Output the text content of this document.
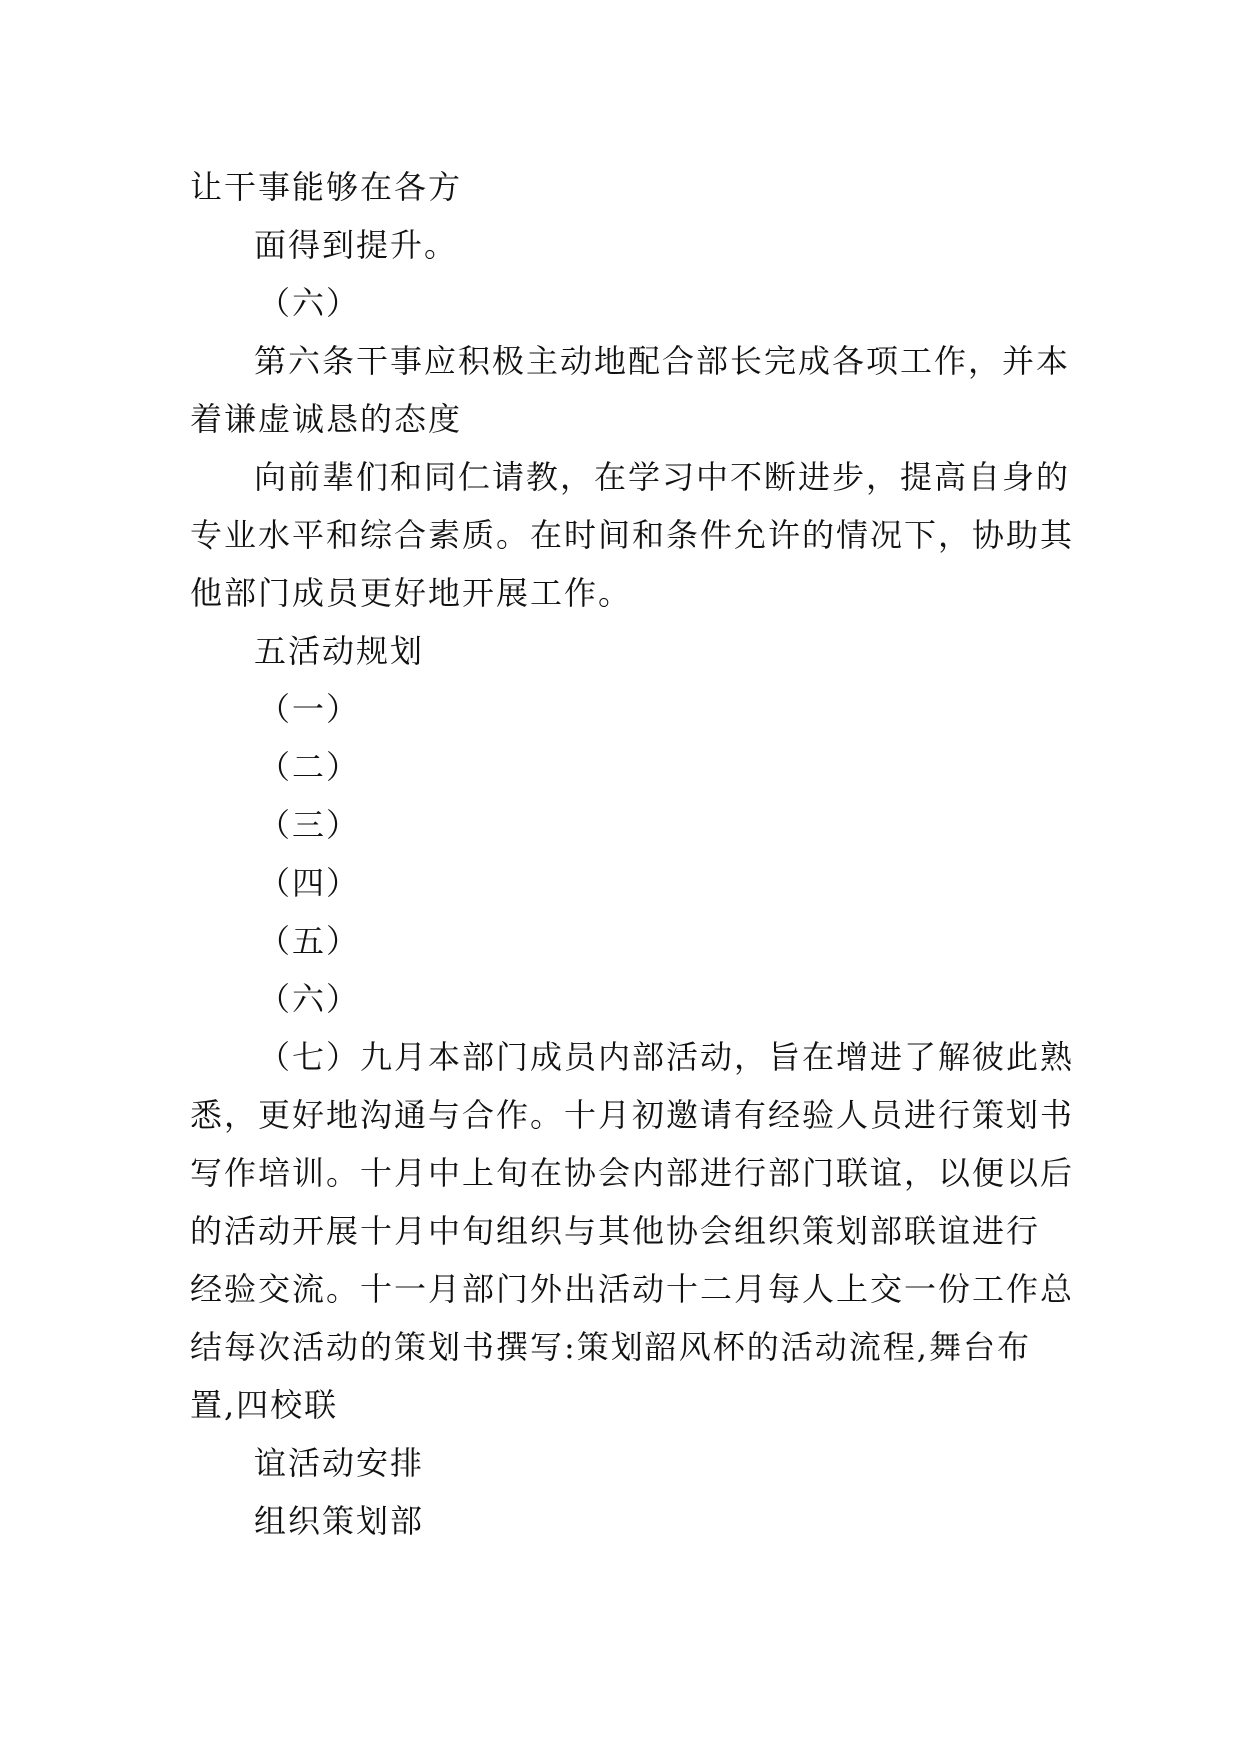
让干事能够在各方

面得到提升。

（六）

第六条干事应积极主动地配合部长完成各项工作，并本

着谦虚诚恳的态度

向前辈们和同仁请教，在学习中不断进步，提高自身的

专业水平和综合素质。在时间和条件允许的情况下，协助其

他部门成员更好地开展工作。

五活动规划

（一）

（二）

（三）

（四）

（五）

（六）

（七）九月本部门成员内部活动，旨在增进了解彼此熟

悉，更好地沟通与合作。十月初邀请有经验人员进行策划书

写作培训。十月中上旬在协会内部进行部门联谊，以便以后

的活动开展十月中旬组织与其他协会组织策划部联谊进行

经验交流。十一月部门外出活动十二月每人上交一份工作总

结每次活动的策划书撰写:策划韶风杯的活动流程,舞台布

置,四校联

谊活动安排

组织策划部
